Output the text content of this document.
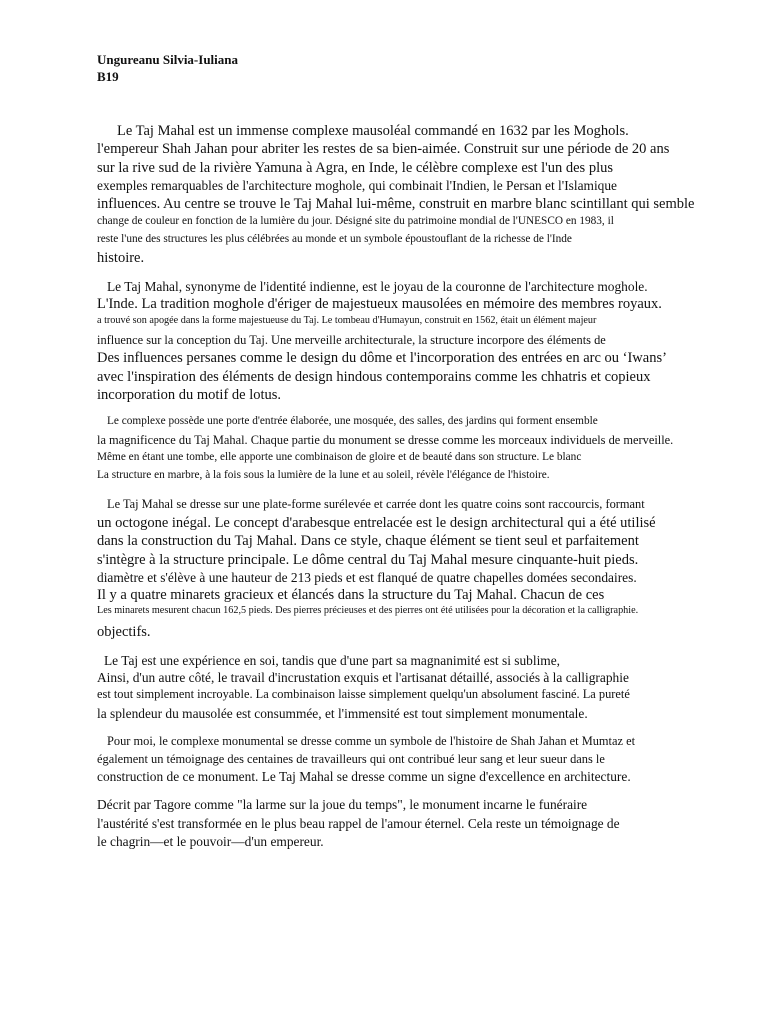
Ungureanu Silvia-Iuliana
B19
Le Taj Mahal est un immense complexe mausoléal commandé en 1632 par les Moghols.
l'empereur Shah Jahan pour abriter les restes de sa bien-aimée. Construit sur une période de 20 ans
sur la rive sud de la rivière Yamuna à Agra, en Inde, le célèbre complexe est l'un des plus
exemples remarquables de l'architecture moghole, qui combinait l'Indien, le Persan et l'Islamique
influences. Au centre se trouve le Taj Mahal lui-même, construit en marbre blanc scintillant qui semble
change de couleur en fonction de la lumière du jour. Désigné site du patrimoine mondial de l'UNESCO en 1983, il
reste l'une des structures les plus célébrées au monde et un symbole époustouflant de la richesse de l'Inde
histoire.
Le Taj Mahal, synonyme de l'identité indienne, est le joyau de la couronne de l'architecture moghole.
L'Inde. La tradition moghole d'ériger de majestueux mausolées en mémoire des membres royaux.
a trouvé son apogée dans la forme majestueuse du Taj. Le tombeau d'Humayun, construit en 1562, était un élément majeur
influence sur la conception du Taj. Une merveille architecturale, la structure incorpore des éléments de
Des influences persanes comme le design du dôme et l'incorporation des entrées en arc ou ‘Iwans’
avec l'inspiration des éléments de design hindous contemporains comme les chhatris et copieux
incorporation du motif de lotus.
Le complexe possède une porte d'entrée élaborée, une mosquée, des salles, des jardins qui forment ensemble
la magnificence du Taj Mahal. Chaque partie du monument se dresse comme les morceaux individuels de merveille.
Même en étant une tombe, elle apporte une combinaison de gloire et de beauté dans son structure. Le blanc
La structure en marbre, à la fois sous la lumière de la lune et au soleil, révèle l'élégance de l'histoire.
Le Taj Mahal se dresse sur une plate-forme surélevée et carrée dont les quatre coins sont raccourcis, formant
un octogone inégal. Le concept d'arabesque entrelacée est le design architectural qui a été utilisé
dans la construction du Taj Mahal. Dans ce style, chaque élément se tient seul et parfaitement
s'intègre à la structure principale. Le dôme central du Taj Mahal mesure cinquante-huit pieds.
diamètre et s'élève à une hauteur de 213 pieds et est flanqué de quatre chapelles domées secondaires.
Il y a quatre minarets gracieux et élancés dans la structure du Taj Mahal. Chacun de ces
Les minarets mesurent chacun 162,5 pieds. Des pierres précieuses et des pierres ont été utilisées pour la décoration et la calligraphie.
objectifs.
Le Taj est une expérience en soi, tandis que d'une part sa magnanimité est si sublime,
Ainsi, d'un autre côté, le travail d'incrustation exquis et l'artisanat détaillé, associés à la calligraphie
est tout simplement incroyable. La combinaison laisse simplement quelqu'un absolument fasciné. La pureté
la splendeur du mausolée est consummée, et l'immensité est tout simplement monumentale.
Pour moi, le complexe monumental se dresse comme un symbole de l'histoire de Shah Jahan et Mumtaz et
également un témoignage des centaines de travailleurs qui ont contribué leur sang et leur sueur dans le
construction de ce monument. Le Taj Mahal se dresse comme un signe d'excellence en architecture.
Décrit par Tagore comme "la larme sur la joue du temps", le monument incarne le funéraire
l'austérité s'est transformée en le plus beau rappel de l'amour éternel. Cela reste un témoignage de
le chagrin—et le pouvoir—d'un empereur.
